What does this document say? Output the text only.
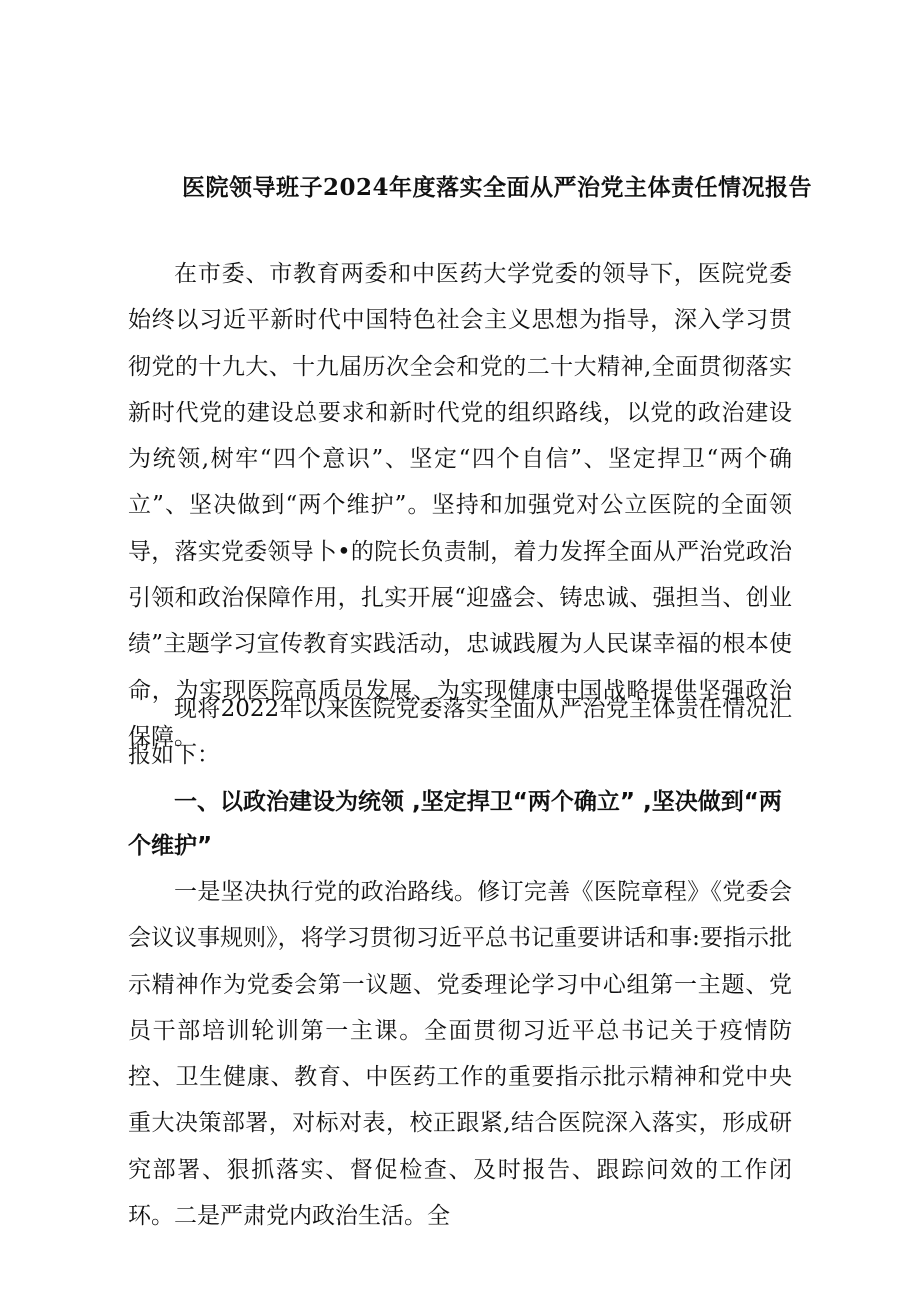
医院领导班子2024年度落实全面从严治党主体责任情况报告
在市委、市教育两委和中医药大学党委的领导下，医院党委始终以习近平新时代中国特色社会主义思想为指导，深入学习贯彻党的十九大、十九届历次全会和党的二十大精神,全面贯彻落实新时代党的建设总要求和新时代党的组织路线，以党的政治建设为统领,树牢“四个意识”、坚定“四个自信”、坚定捍卫“两个确立”、坚决做到“两个维护”。坚持和加强党对公立医院的全面领导，落实党委领导卜•的院长负责制，着力发挥全面从严治党政治引领和政治保障作用，扎实开展“迎盛会、铸忠诚、强担当、创业绩”主题学习宣传教育实践活动，忠诚践履为人民谋幸福的根本使命，为实现医院高质员发展、为实现健康中国战略提供坚强政治保障。
现将2022年以来医院党委落实全面从严治党主体责任情况汇报如下：
一、以政治建设为统领 ,坚定捍卫“两个确立” ,坚决做到“两个维护”
一是坚决执行党的政治路线。修订完善《医院章程》《党委会会议议事规则》，将学习贯彻习近平总书记重要讲话和事:要指示批示精神作为党委会第一议题、党委理论学习中心组第一主题、党员干部培训轮训第一主课。全面贯彻习近平总书记关于疫情防控、卫生健康、教育、中医药工作的重要指示批示精神和党中央重大决策部署，对标对表，校正跟紧,结合医院深入落实，形成研究部署、狠抓落实、督促检查、及时报告、跟踪问效的工作闭环。二是严肃党内政治生活。全
